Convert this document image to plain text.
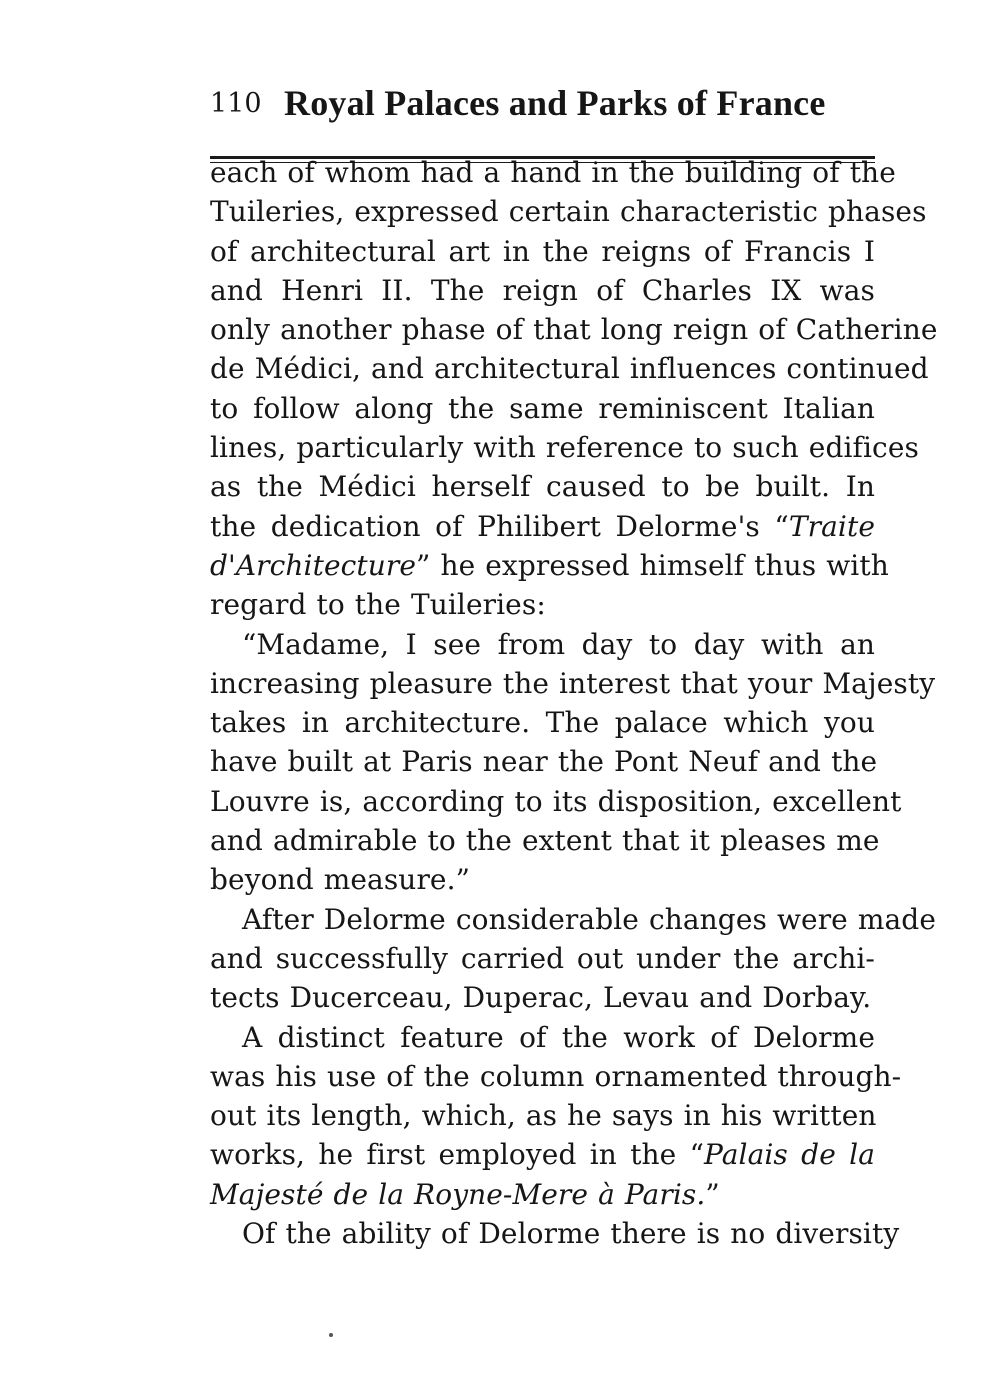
110 Royal Palaces and Parks of France
each of whom had a hand in the building of the
Tuileries, expressed certain characteristic phases
of architectural art in the reigns of Francis I
and Henri II. The reign of Charles IX was
only another phase of that long reign of Catherine
de Médici, and architectural influences continued
to follow along the same reminiscent Italian
lines, particularly with reference to such edifices
as the Médici herself caused to be built. In
the dedication of Philibert Delorme's “Traite
d'Architecture” he expressed himself thus with
regard to the Tuileries:
“Madame, I see from day to day with an
increasing pleasure the interest that your Majesty
takes in architecture. The palace which you
have built at Paris near the Pont Neuf and the
Louvre is, according to its disposition, excellent
and admirable to the extent that it pleases me
beyond measure.”
After Delorme considerable changes were made
and successfully carried out under the archi-
tects Ducerceau, Duperac, Levau and Dorbay.
A distinct feature of the work of Delorme
was his use of the column ornamented through-
out its length, which, as he says in his written
works, he first employed in the “Palais de la
Majesté de la Royne-Mere à Paris.”
Of the ability of Delorme there is no diversity
